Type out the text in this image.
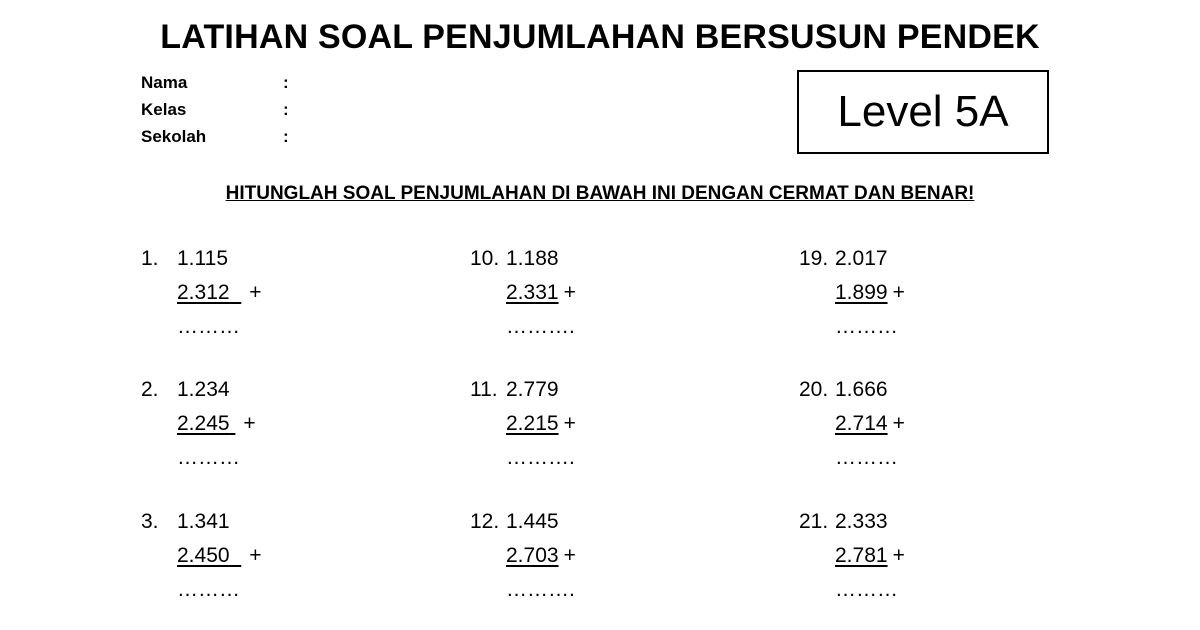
LATIHAN SOAL PENJUMLAHAN BERSUSUN PENDEK
Nama	:
Kelas	:
Sekolah	:
Level 5A
HITUNGLAH SOAL PENJUMLAHAN DI BAWAH INI DENGAN CERMAT DAN BENAR!
1. 1.115
2.312 +
………
2. 1.234
2.245 +
………
3. 1.341
2.450 +
………
10. 1.188
2.331 +
……….
11. 2.779
2.215 +
……….
12. 1.445
2.703 +
……….
19. 2.017
1.899 +
………
20. 1.666
2.714 +
………
21. 2.333
2.781 +
………
